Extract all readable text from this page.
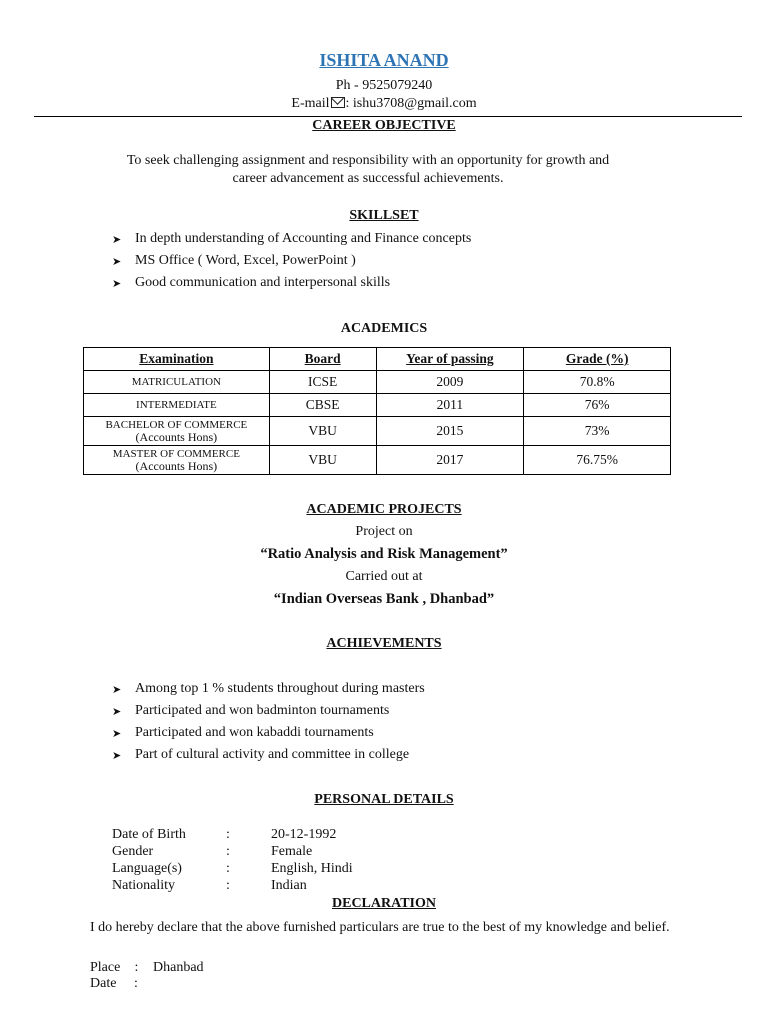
ISHITA ANAND
Ph - 9525079240
E-mail : ishu3708@gmail.com
CAREER OBJECTIVE
To seek challenging assignment and responsibility with an opportunity for growth and
career advancement as successful achievements.
SKILLSET
➤ In depth understanding of Accounting and Finance concepts
➤ MS Office ( Word, Excel, PowerPoint )
➤ Good communication and interpersonal skills
ACADEMICS
Examination	Board	Year of passing	Grade (%)
MATRICULATION	ICSE	2009	70.8%
INTERMEDIATE	CBSE	2011	76%

BACHELOR OF COMMERCE
(Accounts Hons)	VBU	2015	73%

MASTER OF COMMERCE
(Accounts Hons)	VBU	2017	76.75%
ACADEMIC PROJECTS
Project on
“Ratio Analysis and Risk Management”
Carried out at
“Indian Overseas Bank , Dhanbad”
ACHIEVEMENTS
➤ Among top 1 % students throughout during masters
➤ Participated and won badminton tournaments
➤ Participated and won kabaddi tournaments
➤ Part of cultural activity and committee in college
PERSONAL DETAILS
Date of Birth	:	20-12-1992
Gender	:	Female
Language(s)	:	English, Hindi
Nationality	:	Indian
DECLARATION
I do hereby declare that the above furnished particulars are true to the best of my knowledge and belief.
Place	:	Dhanbad
Date	:
